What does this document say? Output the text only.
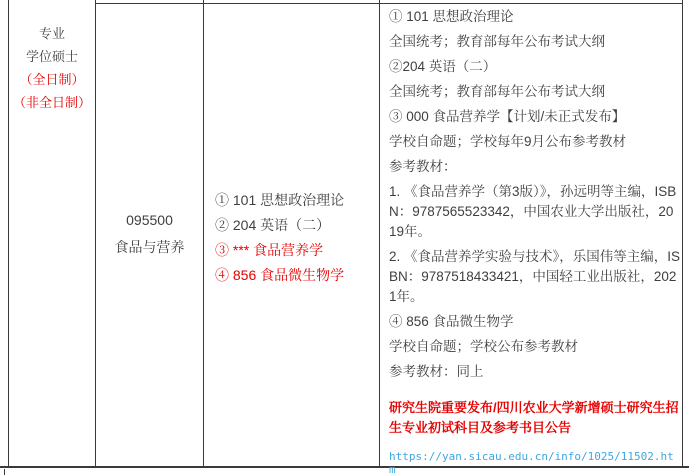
专业
学位硕士
（全日制）
（非全日制）
095500
食品与营养
① 101 思想政治理论
② 204 英语（二）
③ *** 食品营养学
④ 856 食品微生物学

① 101 思想政治理论

全国统考；教育部每年公布考试大纲

②204 英语（二）

全国统考；教育部每年公布考试大纲

③ 000 食品营养学【计划/未正式发布】

学校自命题；学校每年9月公布参考教材

参考教材：

1. 《食品营养学（第3版）》，孙远明等主编，ISBN：9787565523342，中国农业大学出版社，2019年。

2. 《食品营养学实验与技术》，乐国伟等主编，ISBN：9787518433421，中国轻工业出版社，2021年。

④ 856 食品微生物学

学校自命题；学校公布参考教材

参考教材：同上

研究生院重要发布/四川农业大学新增硕士研究生招生专业初试科目及参考书目公告

https://yan.sicau.edu.cn/info/1025/11502.htm
